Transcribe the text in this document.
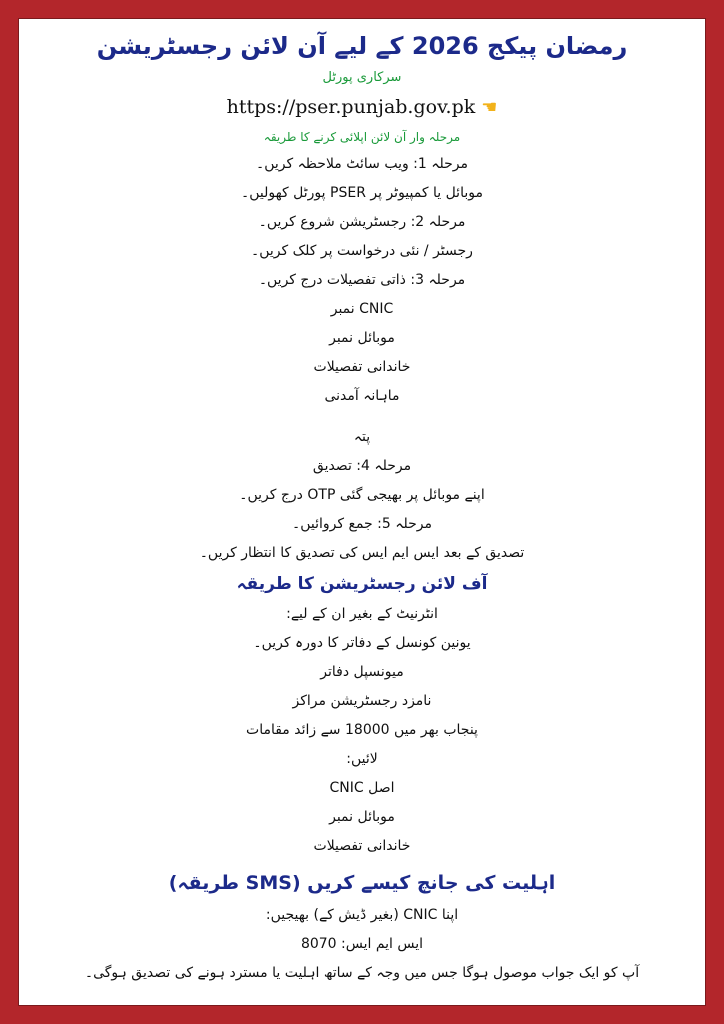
رمضان پیکج 2026 کے لیے آن لائن رجسٹریشن
سرکاری پورٹل
https://pser.punjab.gov.pk ☚
مرحلہ وار آن لائن اپلائی کرنے کا طریقہ
مرحلہ 1: ویب سائٹ ملاحظہ کریں۔
موبائل یا کمپیوٹر پر PSER پورٹل کھولیں۔
مرحلہ 2: رجسٹریشن شروع کریں۔
رجسٹر / نئی درخواست پر کلک کریں۔
مرحلہ 3: ذاتی تفصیلات درج کریں۔
CNIC نمبر
موبائل نمبر
خاندانی تفصیلات
ماہانہ آمدنی
پتہ
مرحلہ 4: تصدیق
اپنے موبائل پر بھیجی گئی OTP درج کریں۔
مرحلہ 5: جمع کروائیں۔
تصدیق کے بعد ایس ایم ایس کی تصدیق کا انتظار کریں۔
آف لائن رجسٹریشن کا طریقہ
انٹرنیٹ کے بغیر ان کے لیے:
یونین کونسل کے دفاتر کا دورہ کریں۔
میونسپل دفاتر
نامزد رجسٹریشن مراکز
پنجاب بھر میں 18000 سے زائد مقامات
لائیں:
اصل CNIC
موبائل نمبر
خاندانی تفصیلات
اہلیت کی جانچ کیسے کریں (SMS طریقہ)
اپنا CNIC (بغیر ڈیش کے) بھیجیں:
ایس ایم ایس: 8070
آپ کو ایک جواب موصول ہوگا جس میں وجہ کے ساتھ اہلیت یا مسترد ہونے کی تصدیق ہوگی۔
